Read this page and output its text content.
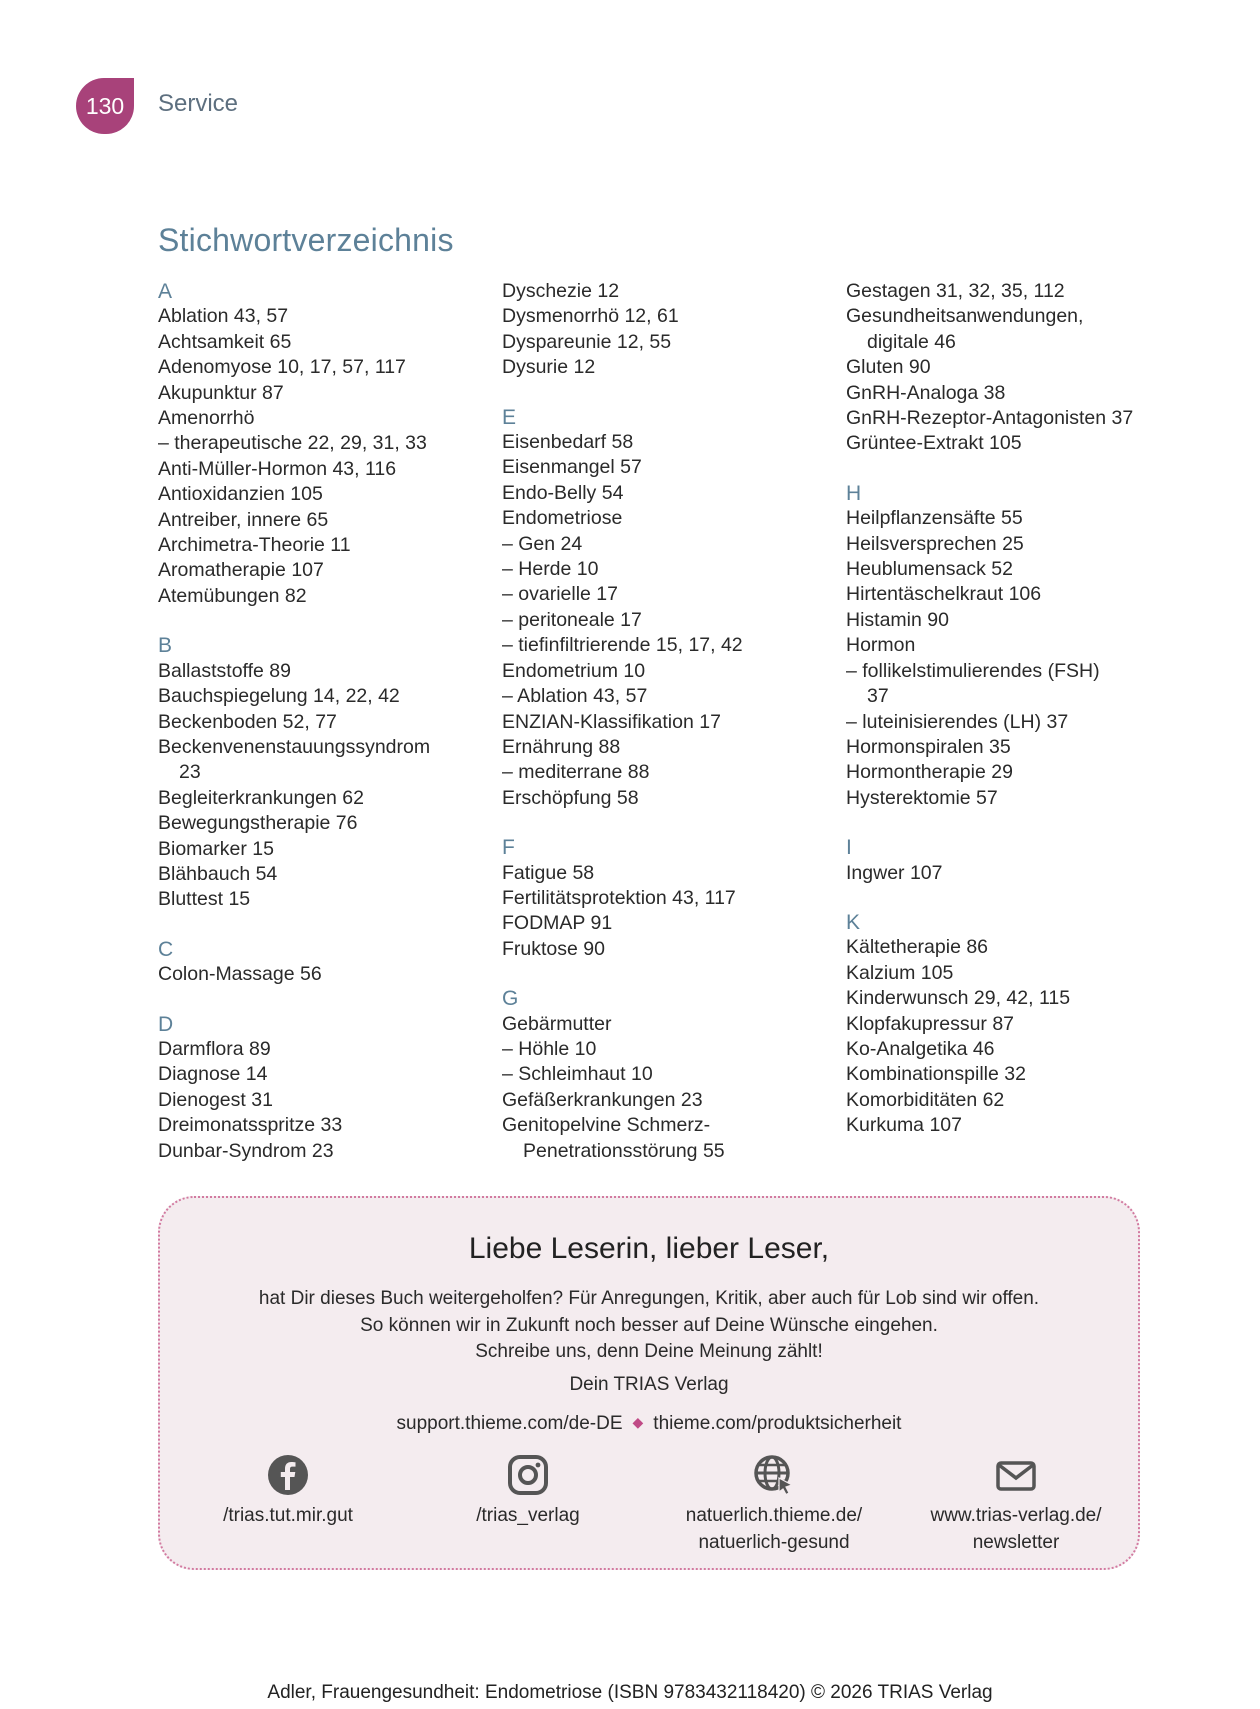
130 Service
Stichwortverzeichnis
A
Ablation 43, 57
Achtsamkeit 65
Adenomyose 10, 17, 57, 117
Akupunktur 87
Amenorrhö
– therapeutische 22, 29, 31, 33
Anti-Müller-Hormon 43, 116
Antioxidanzien 105
Antreiber, innere 65
Archimetra-Theorie 11
Aromatherapie 107
Atemübungen 82
B
Ballaststoffe 89
Bauchspiegelung 14, 22, 42
Beckenboden 52, 77
Beckenvenenstauungssyndrom
23
Begleiterkrankungen 62
Bewegungstherapie 76
Biomarker 15
Blähbauch 54
Bluttest 15
C
Colon-Massage 56
D
Darmflora 89
Diagnose 14
Dienogest 31
Dreimonatsspritze 33
Dunbar-Syndrom 23
Dyschezie 12
Dysmenorrhö 12, 61
Dyspareunie 12, 55
Dysurie 12
E
Eisenbedarf 58
Eisenmangel 57
Endo-Belly 54
Endometriose
– Gen 24
– Herde 10
– ovarielle 17
– peritoneale 17
– tiefinfiltrierende 15, 17, 42
Endometrium 10
– Ablation 43, 57
ENZIAN-Klassifikation 17
Ernährung 88
– mediterrane 88
Erschöpfung 58
F
Fatigue 58
Fertilitätsprotektion 43, 117
FODMAP 91
Fruktose 90
G
Gebärmutter
– Höhle 10
– Schleimhaut 10
Gefäßerkrankungen 23
Genitopelvine Schmerz-
Penetrationsstörung 55
Gestagen 31, 32, 35, 112
Gesundheitsanwendungen,
digitale 46
Gluten 90
GnRH-Analoga 38
GnRH-Rezeptor-Antagonisten 37
Grüntee-Extrakt 105
H
Heilpflanzensäfte 55
Heilsversprechen 25
Heublumensack 52
Hirtentäschelkraut 106
Histamin 90
Hormon
– follikelstimulierendes (FSH)
37
– luteinisierendes (LH) 37
Hormonspiralen 35
Hormontherapie 29
Hysterektomie 57
I
Ingwer 107
K
Kältetherapie 86
Kalzium 105
Kinderwunsch 29, 42, 115
Klopfakupressur 87
Ko-Analgetika 46
Kombinationspille 32
Komorbiditäten 62
Kurkuma 107
Liebe Leserin, lieber Leser,
hat Dir dieses Buch weitergeholfen? Für Anregungen, Kritik, aber auch für Lob sind wir offen.
So können wir in Zukunft noch besser auf Deine Wünsche eingehen.
Schreibe uns, denn Deine Meinung zählt!
Dein TRIAS Verlag
support.thieme.com/de-DE ◆ thieme.com/produktsicherheit
/trias.tut.mir.gut	/trias_verlag	natuerlich.thieme.de/
natuerlich-gesund
www.trias-verlag.de/
newsletter
Adler, Frauengesundheit: Endometriose (ISBN 9783432118420) © 2026 TRIAS Verlag
